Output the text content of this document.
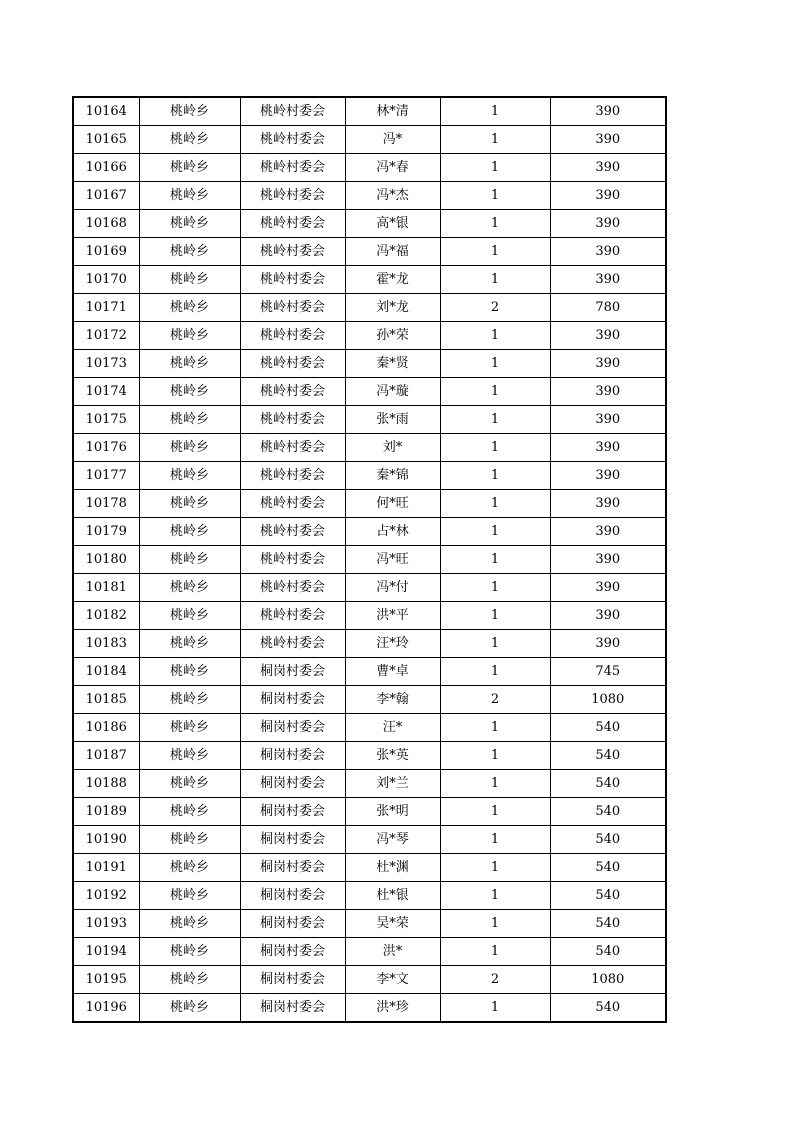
10164	桃岭乡	桃岭村委会	林*清	1	390
10165	桃岭乡	桃岭村委会	冯*	1	390
10166	桃岭乡	桃岭村委会	冯*春	1	390
10167	桃岭乡	桃岭村委会	冯*杰	1	390
10168	桃岭乡	桃岭村委会	高*银	1	390
10169	桃岭乡	桃岭村委会	冯*福	1	390
10170	桃岭乡	桃岭村委会	霍*龙	1	390
10171	桃岭乡	桃岭村委会	刘*龙	2	780
10172	桃岭乡	桃岭村委会	孙*荣	1	390
10173	桃岭乡	桃岭村委会	秦*贤	1	390
10174	桃岭乡	桃岭村委会	冯*璇	1	390
10175	桃岭乡	桃岭村委会	张*雨	1	390
10176	桃岭乡	桃岭村委会	刘*	1	390
10177	桃岭乡	桃岭村委会	秦*锦	1	390
10178	桃岭乡	桃岭村委会	何*旺	1	390
10179	桃岭乡	桃岭村委会	占*林	1	390
10180	桃岭乡	桃岭村委会	冯*旺	1	390
10181	桃岭乡	桃岭村委会	冯*付	1	390
10182	桃岭乡	桃岭村委会	洪*平	1	390
10183	桃岭乡	桃岭村委会	汪*玲	1	390
10184	桃岭乡	桐岗村委会	曹*卓	1	745
10185	桃岭乡	桐岗村委会	李*翰	2	1080
10186	桃岭乡	桐岗村委会	汪*	1	540
10187	桃岭乡	桐岗村委会	张*英	1	540
10188	桃岭乡	桐岗村委会	刘*兰	1	540
10189	桃岭乡	桐岗村委会	张*明	1	540
10190	桃岭乡	桐岗村委会	冯*琴	1	540
10191	桃岭乡	桐岗村委会	杜*渊	1	540
10192	桃岭乡	桐岗村委会	杜*银	1	540
10193	桃岭乡	桐岗村委会	吴*荣	1	540
10194	桃岭乡	桐岗村委会	洪*	1	540
10195	桃岭乡	桐岗村委会	李*文	2	1080
10196	桃岭乡	桐岗村委会	洪*珍	1	540
